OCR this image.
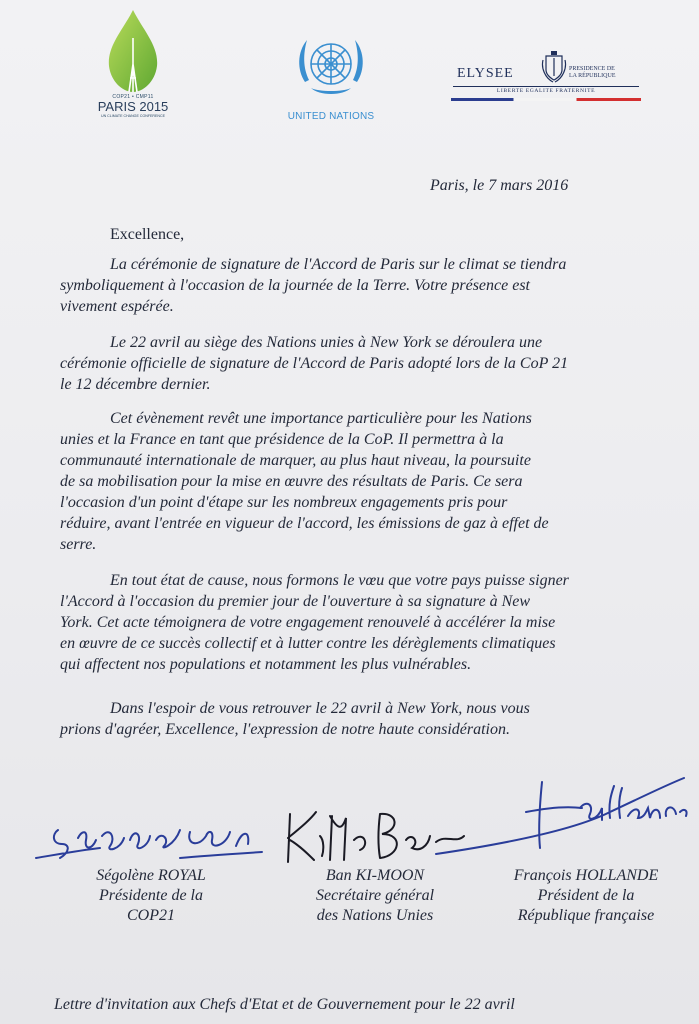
COP21 • CMP11
PARIS 2015
UN CLIMATE CHANGE CONFERENCE	UNITED NATIONS
ELYSEE	PRESIDENCE DE
LA RÉPUBLIQUE
LIBERTE EGALITE FRATERNITE
Paris, le 7 mars 2016
Excellence,
La cérémonie de signature de l'Accord de Paris sur le climat se tiendra
symboliquement à l'occasion de la journée de la Terre. Votre présence est
vivement espérée.
Le 22 avril au siège des Nations unies à New York se déroulera une
cérémonie officielle de signature de l'Accord de Paris adopté lors de la CoP 21
le 12 décembre dernier.
Cet évènement revêt une importance particulière pour les Nations
unies et la France en tant que présidence de la CoP. Il permettra à la
communauté internationale de marquer, au plus haut niveau, la poursuite
de sa mobilisation pour la mise en œuvre des résultats de Paris. Ce sera
l'occasion d'un point d'étape sur les nombreux engagements pris pour
réduire, avant l'entrée en vigueur de l'accord, les émissions de gaz à effet de
serre.
En tout état de cause, nous formons le vœu que votre pays puisse signer
l'Accord à l'occasion du premier jour de l'ouverture à sa signature à New
York. Cet acte témoignera de votre engagement renouvelé à accélérer la mise
en œuvre de ce succès collectif et à lutter contre les dérèglements climatiques
qui affectent nos populations et notamment les plus vulnérables.
Dans l'espoir de vous retrouver le 22 avril à New York, nous vous
prions d'agréer, Excellence, l'expression de notre haute considération.
Ségolène ROYAL
Présidente de la
COP21
Ban KI-MOON
Secrétaire général
des Nations Unies
François HOLLANDE
Président de la
République française
Lettre d'invitation aux Chefs d'Etat et de Gouvernement pour le 22 avril
